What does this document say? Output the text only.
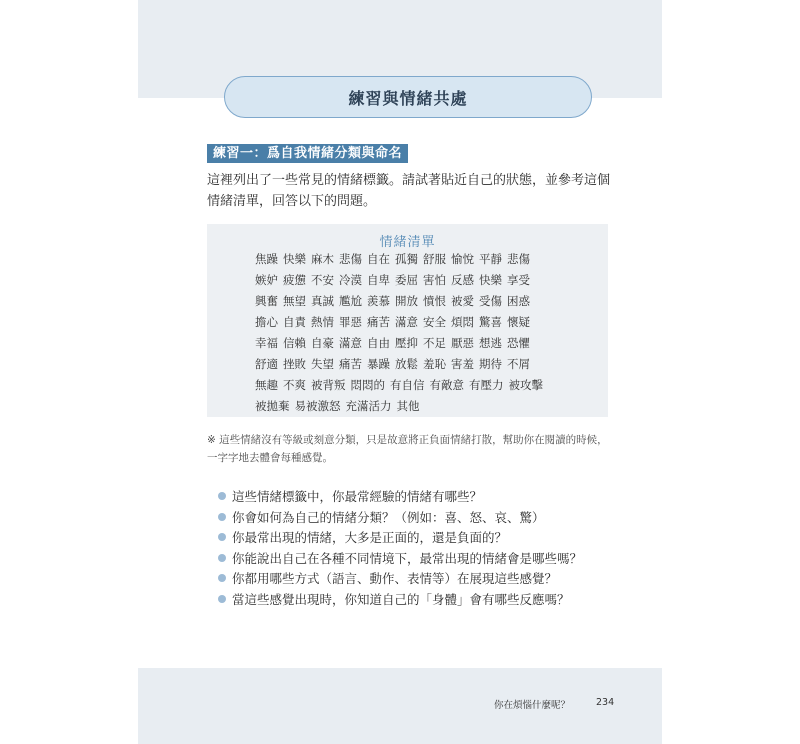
練習與情緒共處
練習一：爲自我情緒分類與命名

這裡列出了一些常見的情緒標籤。請試著貼近自己的狀態，並參考這個情緒清單，回答以下的問題。

情緒清單
焦躁 快樂 麻木 悲傷 自在 孤獨 舒服 愉悅 平靜 悲傷
嫉妒 疲憊 不安 冷漠 自卑 委屈 害怕 反感 快樂 享受
興奮 無望 真誠 尷尬 羨慕 開放 憤恨 被愛 受傷 困惑
擔心 自責 熱情 罪惡 痛苦 滿意 安全 煩悶 驚喜 懷疑
幸福 信賴 自豪 滿意 自由 壓抑 不足 厭惡 想逃 恐懼
舒適 挫敗 失望 痛苦 暴躁 放鬆 羞恥 害羞 期待 不屑
無趣 不爽 被背叛 悶悶的 有自信 有敵意 有壓力 被攻擊
被拋棄 易被激怒 充滿活力 其他

※ 這些情緒沒有等級或刻意分類，只是故意將正負面情緒打散，幫助你在閱讀的時候，一字字地去體會每種感覺。

這些情緒標籤中，你最常經驗的情緒有哪些？
你會如何為自己的情緒分類？（例如：喜、怒、哀、驚）
你最常出現的情緒，大多是正面的，還是負面的？
你能說出自己在各種不同情境下，最常出現的情緒會是哪些嗎？
你都用哪些方式（語言、動作、表情等）在展現這些感覺？
當這些感覺出現時，你知道自己的「身體」會有哪些反應嗎？
你在煩惱什麼呢？	234
